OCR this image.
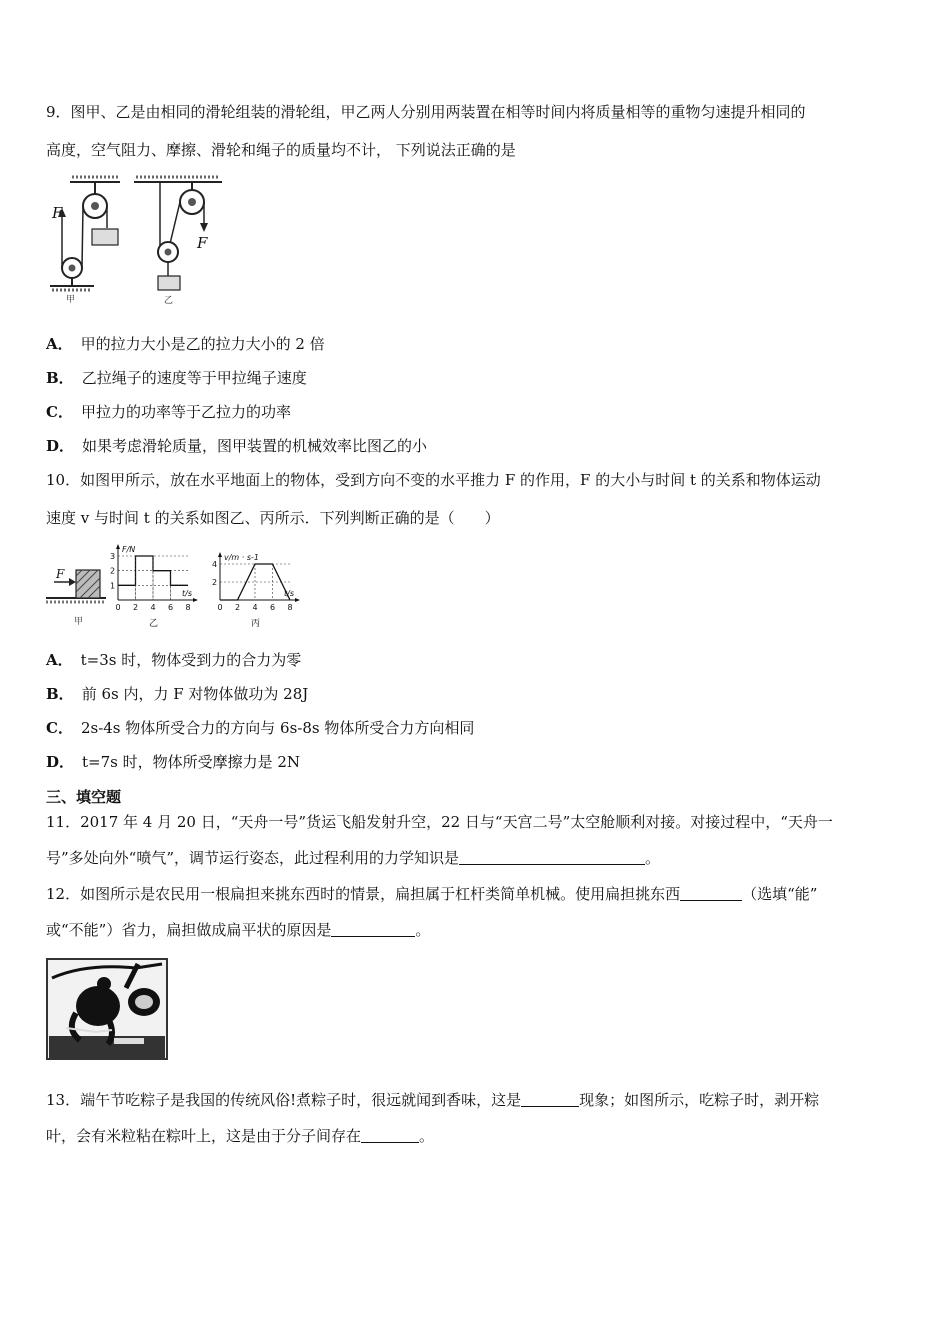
9．图甲、乙是由相同的滑轮组装的滑轮组，甲乙两人分别用两装置在相等时间内将质量相等的重物匀速提升相同的
高度，空气阻力、摩擦、滑轮和绳子的质量均不计， 下列说法正确的是
F
甲
F
乙
A． 甲的拉力大小是乙的拉力大小的 2 倍
B． 乙拉绳子的速度等于甲拉绳子速度
C． 甲拉力的功率等于乙拉力的功率
D． 如果考虑滑轮质量，图甲装置的机械效率比图乙的小
10．如图甲所示，放在水平地面上的物体，受到方向不变的水平推力 F 的作用，F 的大小与时间 t 的关系和物体运动
速度 v 与时间 t 的关系如图乙、丙所示．下列判断正确的是（　　）
F
甲
F/N
t/s
0 2 4 6 8
3
2
1
乙
v/m · s-1
t/s
0 2 4 6 8
4
2
丙
A． t=3s 时，物体受到力的合力为零
B． 前 6s 内，力 F 对物体做功为 28J
C． 2s-4s 物体所受合力的方向与 6s-8s 物体所受合力方向相同
D． t=7s 时，物体所受摩擦力是 2N
三、填空题
11．2017 年 4 月 20 日，“天舟一号”货运飞船发射升空，22 日与“天宫二号”太空舱顺利对接。对接过程中，“天舟一
号”多处向外“喷气”，调节运行姿态，此过程利用的力学知识是	。
12．如图所示是农民用一根扁担来挑东西时的情景，扁担属于杠杆类简单机械。使用扁担挑东西	（选填“能”
或“不能”）省力，扁担做成扁平状的原因是	。
13．端午节吃粽子是我国的传统风俗!煮粽子时，很远就闻到香味，这是	现象；如图所示，吃粽子时，剥开粽
叶，会有米粒粘在粽叶上，这是由于分子间存在	。
